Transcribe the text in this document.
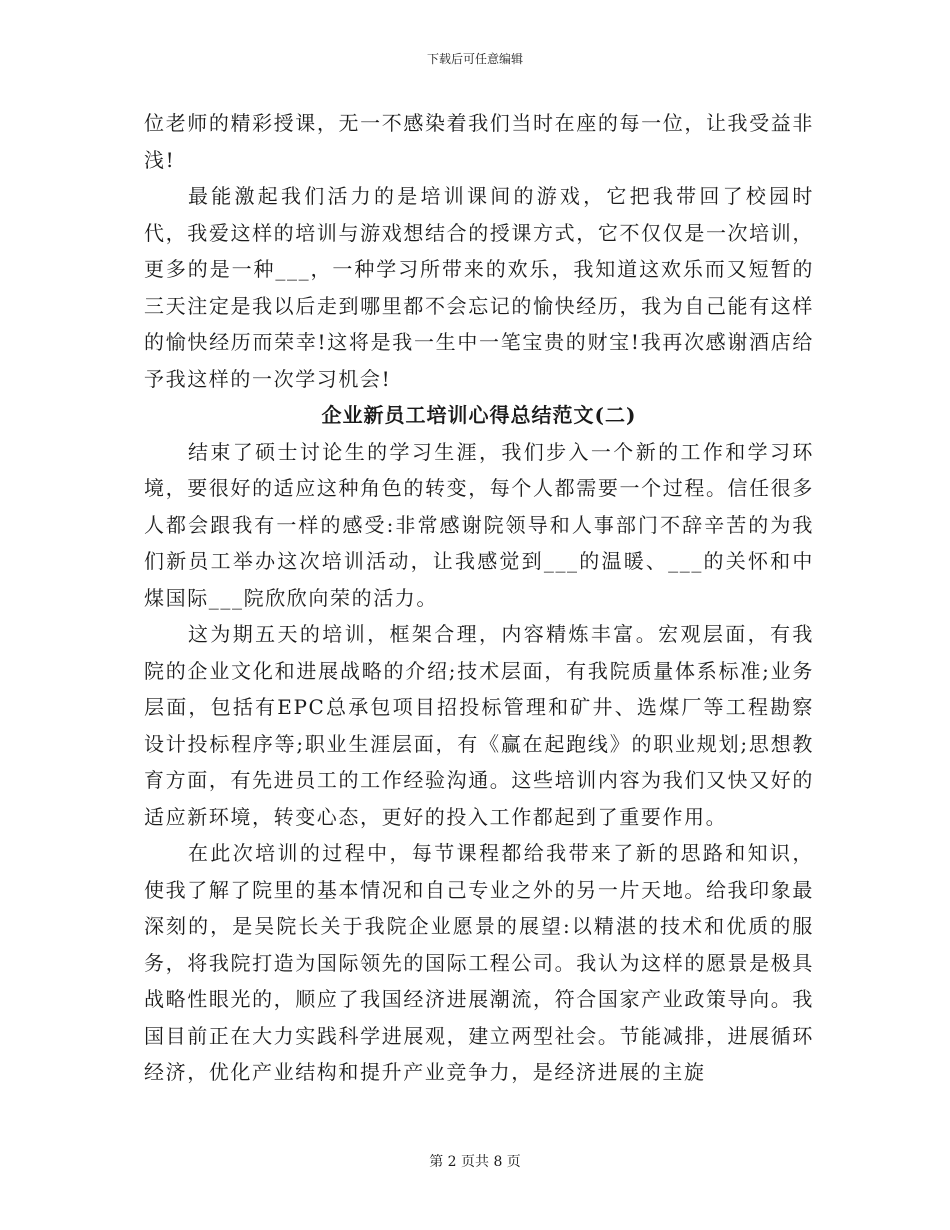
下载后可任意编辑

位老师的精彩授课，无一不感染着我们当时在座的每一位，让我受益非浅!

最能激起我们活力的是培训课间的游戏，它把我带回了校园时代，我爱这样的培训与游戏想结合的授课方式，它不仅仅是一次培训，更多的是一种___，一种学习所带来的欢乐，我知道这欢乐而又短暂的三天注定是我以后走到哪里都不会忘记的愉快经历，我为自己能有这样的愉快经历而荣幸!这将是我一生中一笔宝贵的财宝!我再次感谢酒店给予我这样的一次学习机会!

企业新员工培训心得总结范文(二)

结束了硕士讨论生的学习生涯，我们步入一个新的工作和学习环境，要很好的适应这种角色的转变，每个人都需要一个过程。信任很多人都会跟我有一样的感受:非常感谢院领导和人事部门不辞辛苦的为我们新员工举办这次培训活动，让我感觉到___的温暖、___的关怀和中煤国际___院欣欣向荣的活力。

这为期五天的培训，框架合理，内容精炼丰富。宏观层面，有我院的企业文化和进展战略的介绍;技术层面，有我院质量体系标准;业务层面，包括有EPC总承包项目招投标管理和矿井、选煤厂等工程勘察设计投标程序等;职业生涯层面，有《赢在起跑线》的职业规划;思想教育方面，有先进员工的工作经验沟通。这些培训内容为我们又快又好的适应新环境，转变心态，更好的投入工作都起到了重要作用。

在此次培训的过程中，每节课程都给我带来了新的思路和知识，使我了解了院里的基本情况和自己专业之外的另一片天地。给我印象最深刻的，是吴院长关于我院企业愿景的展望:以精湛的技术和优质的服务，将我院打造为国际领先的国际工程公司。我认为这样的愿景是极具战略性眼光的，顺应了我国经济进展潮流，符合国家产业政策导向。我国目前正在大力实践科学进展观，建立两型社会。节能减排，进展循环经济，优化产业结构和提升产业竞争力，是经济进展的主旋

第 2 页共 8 页
